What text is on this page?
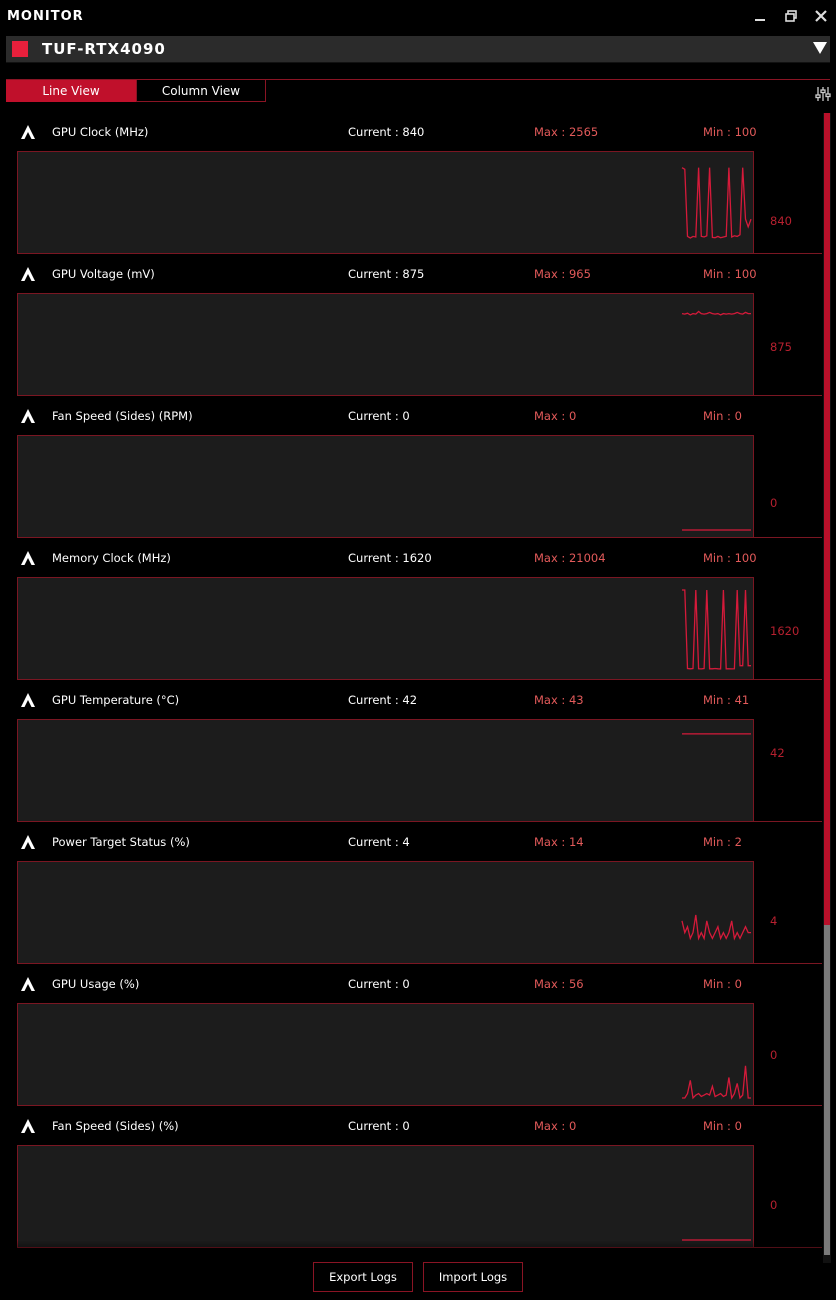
MONITOR
TUF-RTX4090
Line View	Column View
GPU Clock (MHz)	Current : 840	Max : 2565	Min : 100
840
GPU Voltage (mV)	Current : 875	Max : 965	Min : 100
875
Fan Speed (Sides) (RPM)	Current : 0	Max : 0	Min : 0
0
Memory Clock (MHz)	Current : 1620	Max : 21004	Min : 100
1620
GPU Temperature (°C)	Current : 42	Max : 43	Min : 41
42
Power Target Status (%)	Current : 4	Max : 14	Min : 2
4
GPU Usage (%)	Current : 0	Max : 56	Min : 0
0
Fan Speed (Sides) (%)	Current : 0	Max : 0	Min : 0
0
Export Logs	Import Logs
